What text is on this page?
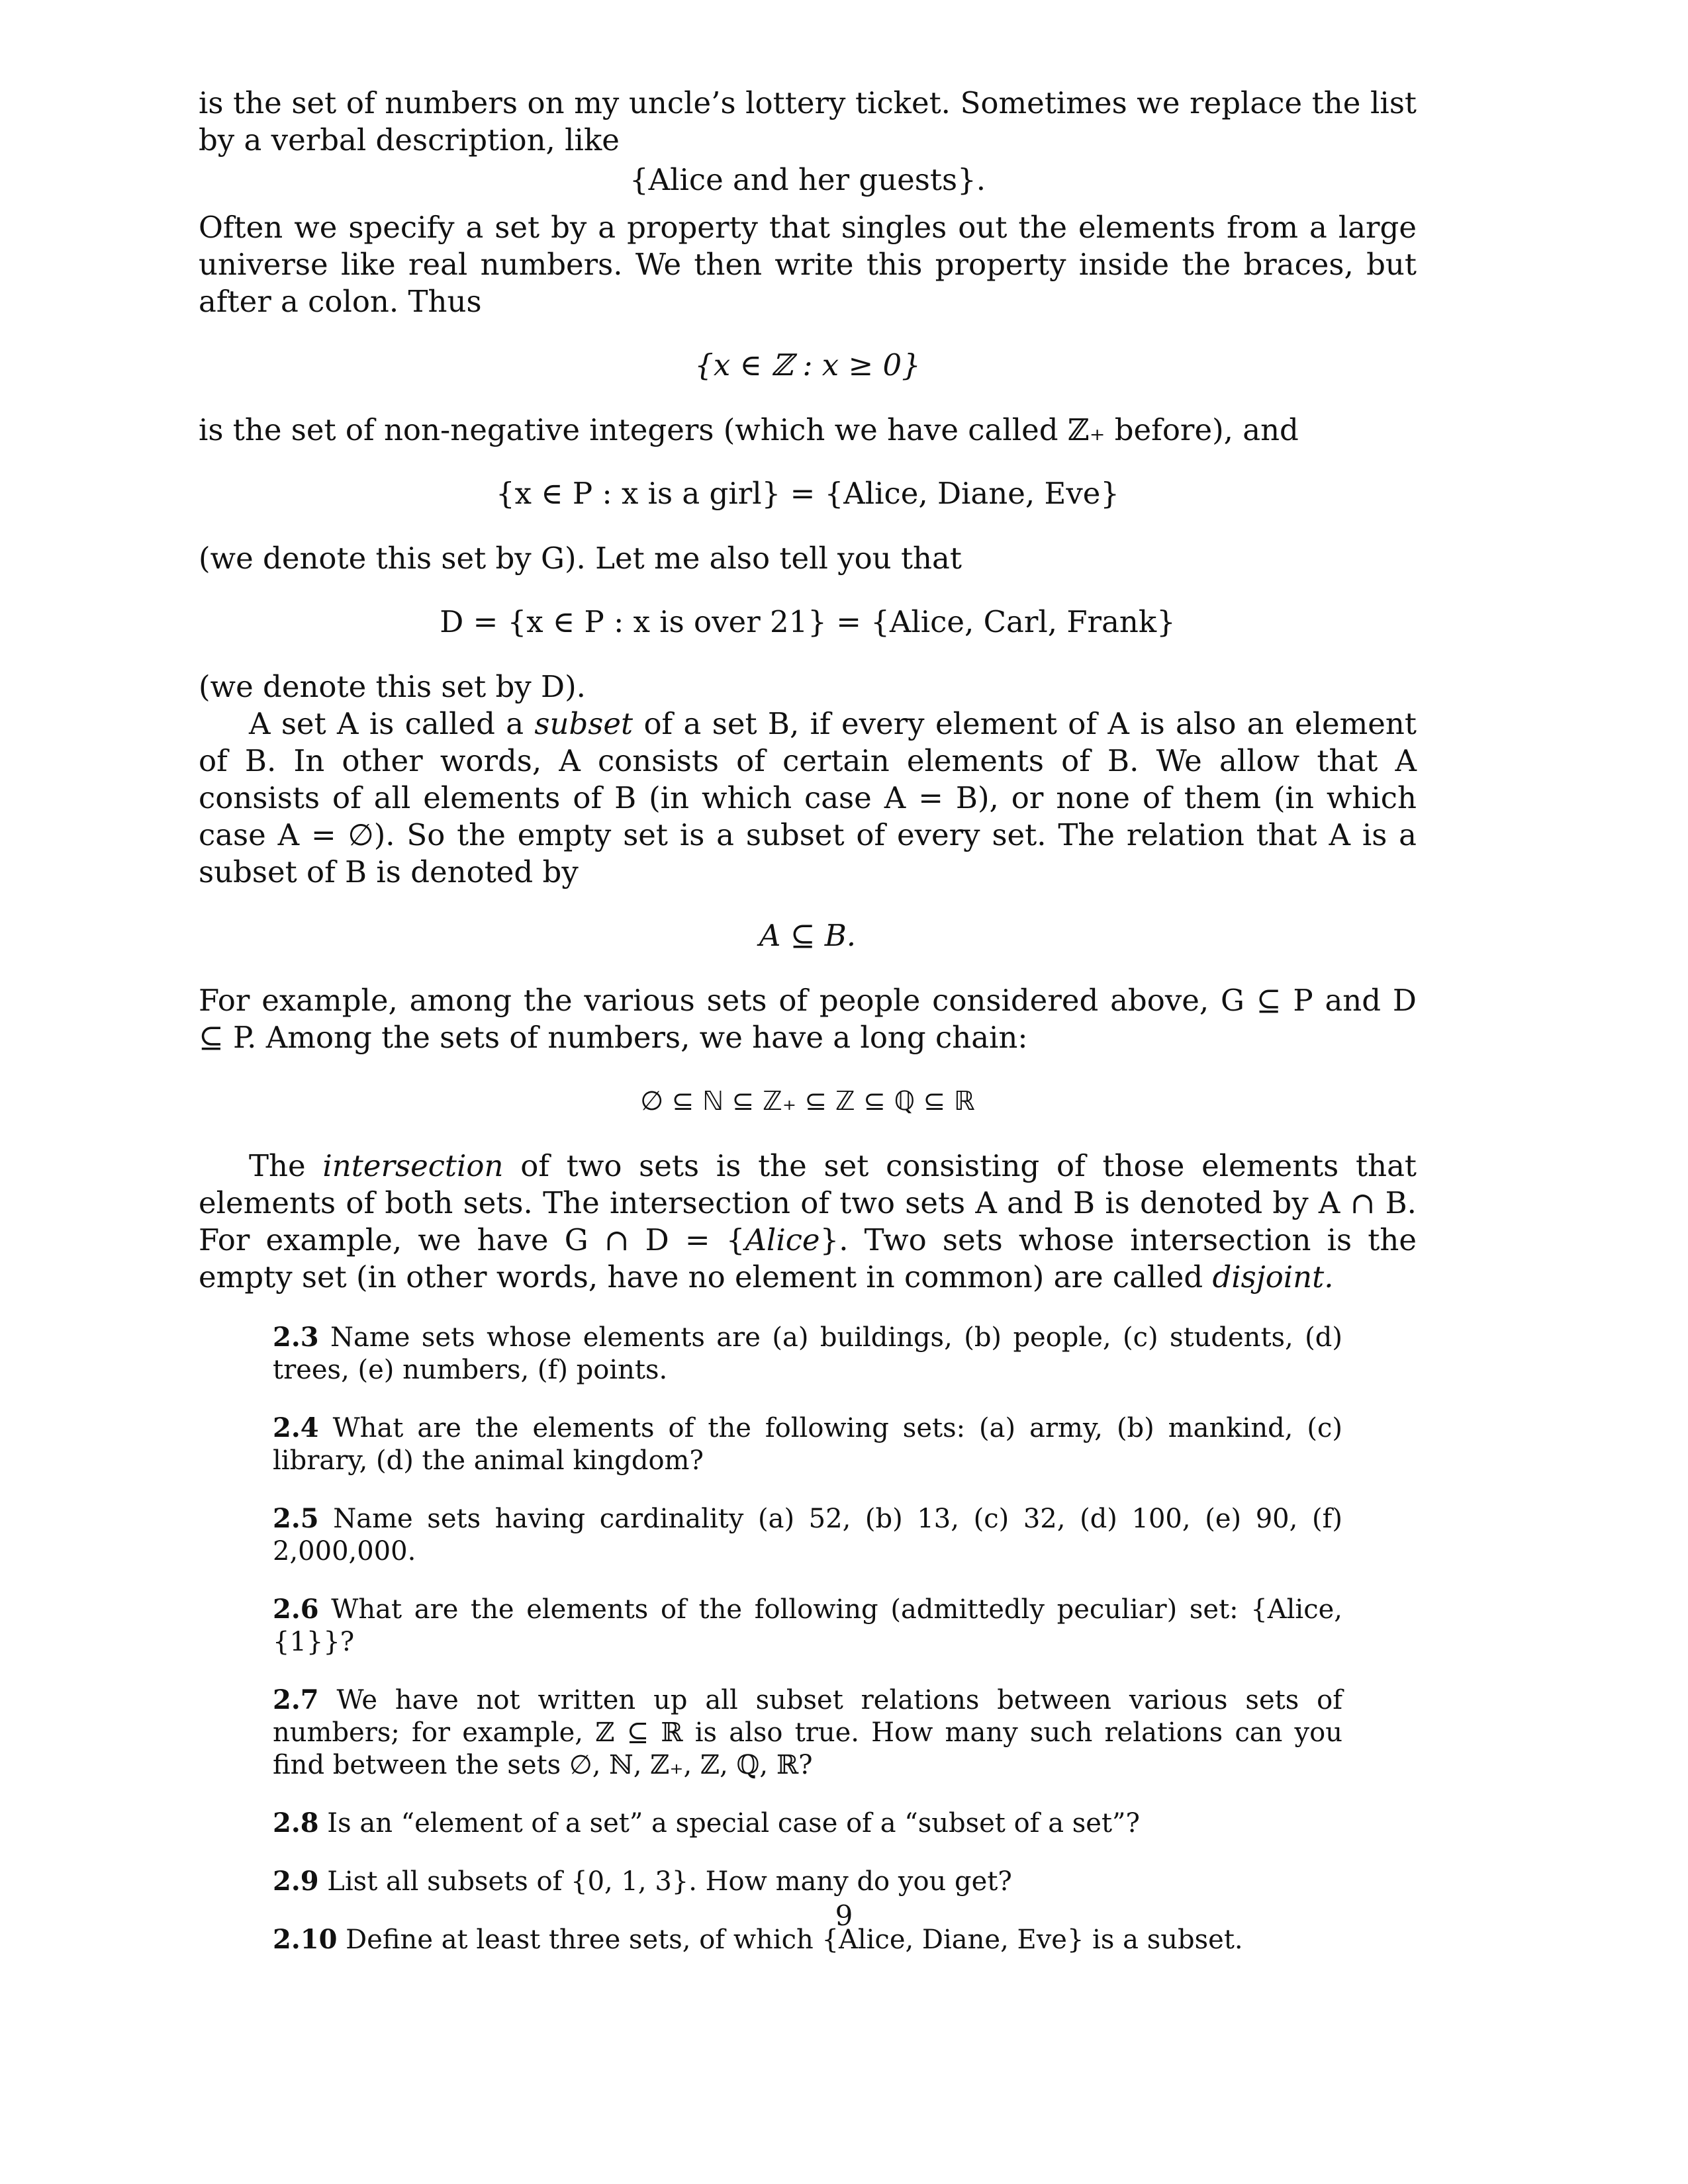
is the set of numbers on my uncle’s lottery ticket. Sometimes we replace the list by a verbal description, like

{Alice and her guests}.

Often we specify a set by a property that singles out the elements from a large universe like real numbers. We then write this property inside the braces, but after a colon. Thus

{x ∈ ℤ : x ≥ 0}

is the set of non-negative integers (which we have called ℤ₊ before), and

{x ∈ P : x is a girl} = {Alice, Diane, Eve}

(we denote this set by G). Let me also tell you that

D = {x ∈ P : x is over 21} = {Alice, Carl, Frank}

(we denote this set by D).

A set A is called a subset of a set B, if every element of A is also an element of B. In other words, A consists of certain elements of B. We allow that A consists of all elements of B (in which case A = B), or none of them (in which case A = ∅). So the empty set is a subset of every set. The relation that A is a subset of B is denoted by

A ⊆ B.

For example, among the various sets of people considered above, G ⊆ P and D ⊆ P. Among the sets of numbers, we have a long chain:

∅ ⊆ ℕ ⊆ ℤ₊ ⊆ ℤ ⊆ ℚ ⊆ ℝ

The intersection of two sets is the set consisting of those elements that elements of both sets. The intersection of two sets A and B is denoted by A ∩ B. For example, we have G ∩ D = {Alice}. Two sets whose intersection is the empty set (in other words, have no element in common) are called disjoint.

2.3 Name sets whose elements are (a) buildings, (b) people, (c) students, (d) trees, (e) numbers, (f) points.

2.4 What are the elements of the following sets: (a) army, (b) mankind, (c) library, (d) the animal kingdom?

2.5 Name sets having cardinality (a) 52, (b) 13, (c) 32, (d) 100, (e) 90, (f) 2,000,000.

2.6 What are the elements of the following (admittedly peculiar) set: {Alice, {1}}?

2.7 We have not written up all subset relations between various sets of numbers; for example, ℤ ⊆ ℝ is also true. How many such relations can you find between the sets ∅, ℕ, ℤ₊, ℤ, ℚ, ℝ?

2.8 Is an “element of a set” a special case of a “subset of a set”?

2.9 List all subsets of {0, 1, 3}. How many do you get?

2.10 Define at least three sets, of which {Alice, Diane, Eve} is a subset.

9
